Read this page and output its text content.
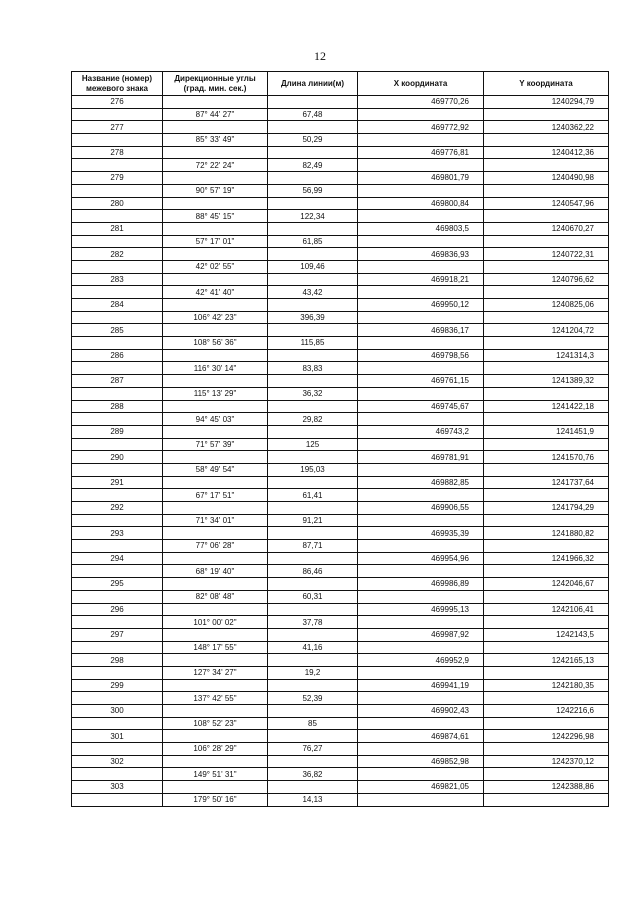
12
Название (номер) межевого знака	Дирекционные углы (град. мин. сек.)	Длина линии(м)	X координата	Y координата
276			469770,26	1240294,79
	87° 44' 27"	67,48		
277			469772,92	1240362,22
	85° 33' 49"	50,29		
278			469776,81	1240412,36
	72° 22' 24"	82,49		
279			469801,79	1240490,98
	90° 57' 19"	56,99		
280			469800,84	1240547,96
	88° 45' 15"	122,34		
281			469803,5	1240670,27
	57° 17' 01"	61,85		
282			469836,93	1240722,31
	42° 02' 55"	109,46		
283			469918,21	1240796,62
	42° 41' 40"	43,42		
284			469950,12	1240825,06
	106° 42' 23"	396,39		
285			469836,17	1241204,72
	108° 56' 36"	115,85		
286			469798,56	1241314,3
	116° 30' 14"	83,83		
287			469761,15	1241389,32
	115° 13' 29"	36,32		
288			469745,67	1241422,18
	94° 45' 03"	29,82		
289			469743,2	1241451,9
	71° 57' 39"	125		
290			469781,91	1241570,76
	58° 49' 54"	195,03		
291			469882,85	1241737,64
	67° 17' 51"	61,41		
292			469906,55	1241794,29
	71° 34' 01"	91,21		
293			469935,39	1241880,82
	77° 06' 28"	87,71		
294			469954,96	1241966,32
	68° 19' 40"	86,46		
295			469986,89	1242046,67
	82° 08' 48"	60,31		
296			469995,13	1242106,41
	101° 00' 02"	37,78		
297			469987,92	1242143,5
	148° 17' 55"	41,16		
298			469952,9	1242165,13
	127° 34' 27"	19,2		
299			469941,19	1242180,35
	137° 42' 55"	52,39		
300			469902,43	1242216,6
	108° 52' 23"	85		
301			469874,61	1242296,98
	106° 28' 29"	76,27		
302			469852,98	1242370,12
	149° 51' 31"	36,82		
303			469821,05	1242388,86
	179° 50' 16"	14,13		
